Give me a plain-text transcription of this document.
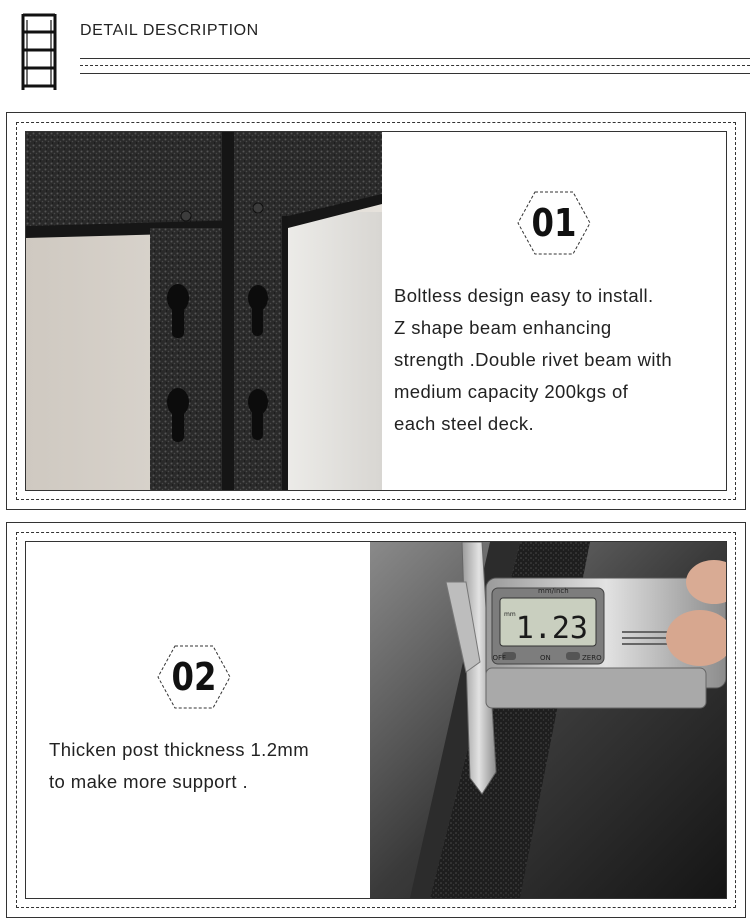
DETAIL DESCRIPTION
01
Boltless design easy to install.
Z shape beam enhancing
strength .Double rivet beam with
medium capacity 200kgs of
each steel deck.
02
Thicken post thickness 1.2mm
to make more support .
mm/inch
mm 1.23
OFF	ON	ZERO
